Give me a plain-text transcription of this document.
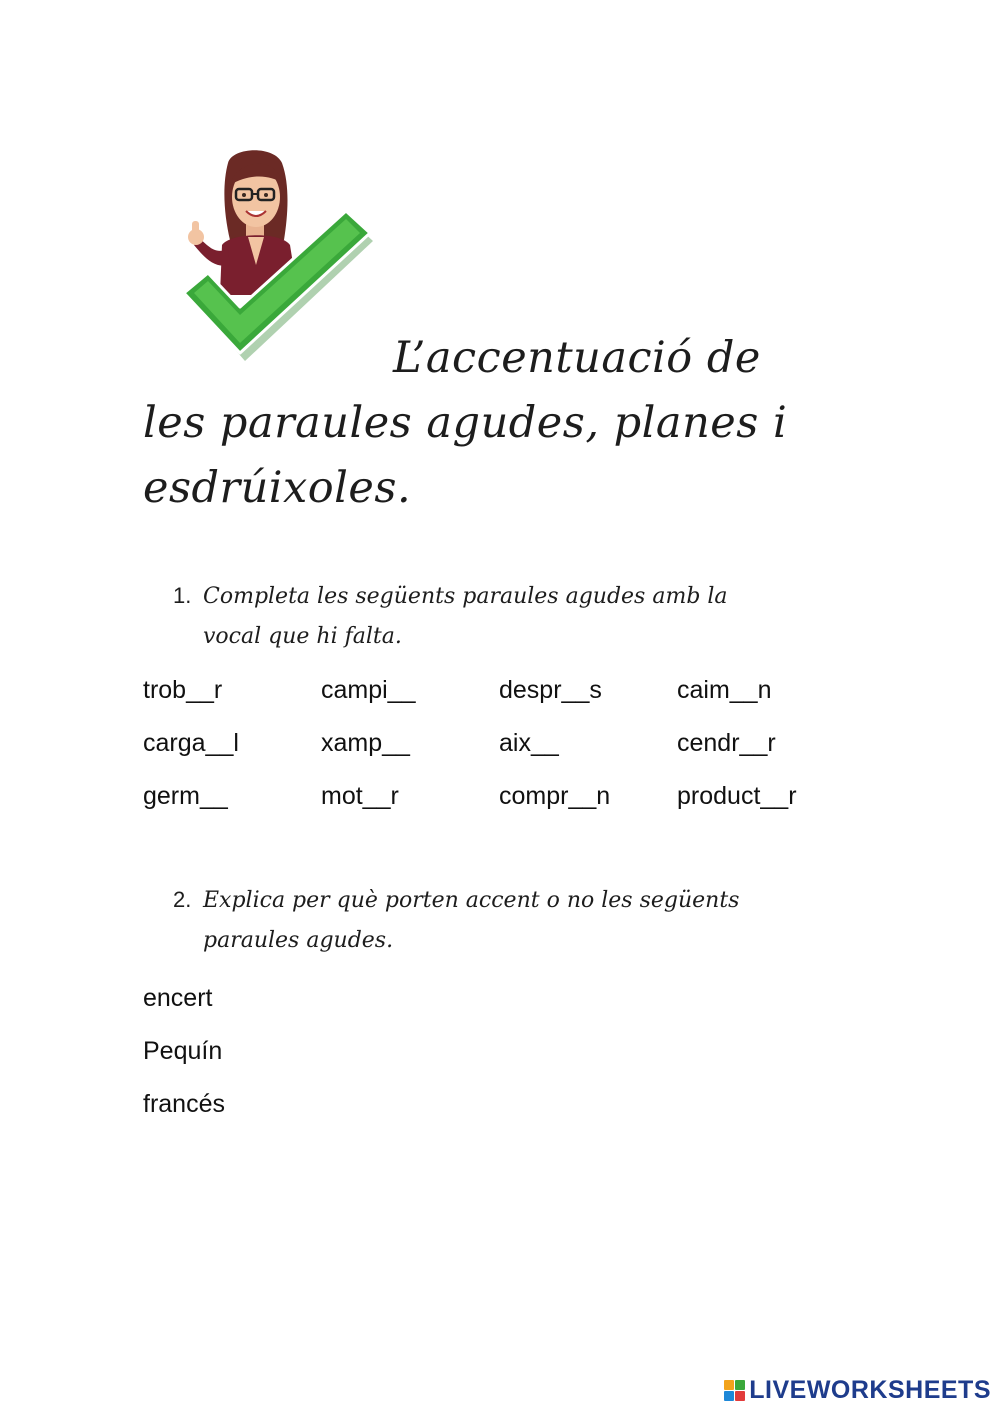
L’accentuació de
les paraules agudes, planes i
esdrúixoles.

1. Completa les següents paraules agudes amb la
vocal que hi falta.

trob__r	campi__	despr__s	caim__n
carga__l	xamp__	aix__	cendr__r
germ__	mot__r	compr__n	product__r

2. Explica per què porten accent o no les següents
paraules agudes.

encert
Pequín
francés
LIVEWORKSHEETS
